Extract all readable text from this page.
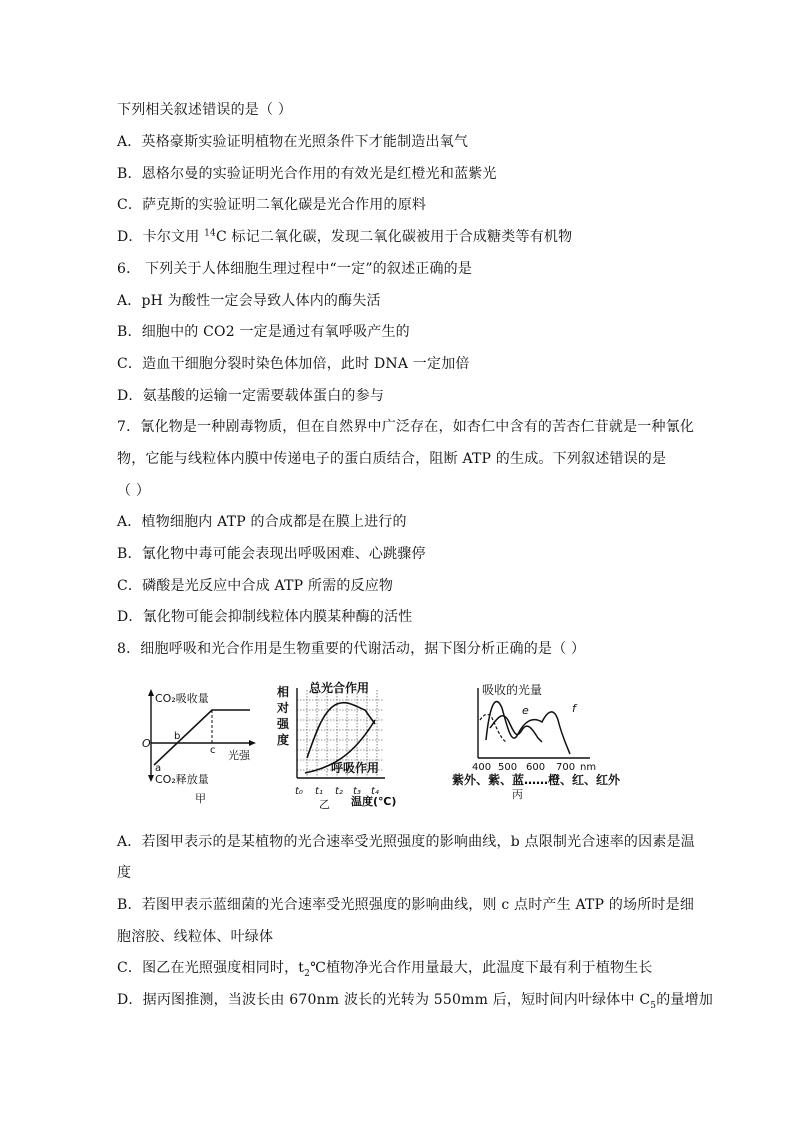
下列相关叙述错误的是（ ）
A．英格豪斯实验证明植物在光照条件下才能制造出氧气
B．恩格尔曼的实验证明光合作用的有效光是红橙光和蓝紫光
C．萨克斯的实验证明二氧化碳是光合作用的原料
D．卡尔文用 $^{14}$C 标记二氧化碳，发现二氧化碳被用于合成糖类等有机物
6． 下列关于人体细胞生理过程中“一定”的叙述正确的是
A．pH 为酸性一定会导致人体内的酶失活
B．细胞中的 CO2 一定是通过有氧呼吸产生的
C．造血干细胞分裂时染色体加倍，此时 DNA 一定加倍
D．氨基酸的运输一定需要载体蛋白的参与
7．氰化物是一种剧毒物质，但在自然界中广泛存在，如杏仁中含有的苦杏仁苷就是一种氰化
物，它能与线粒体内膜中传递电子的蛋白质结合，阻断 ATP 的生成。下列叙述错误的是
（ ）
A．植物细胞内 ATP 的合成都是在膜上进行的
B．氰化物中毒可能会表现出呼吸困难、心跳骤停
C．磷酸是光反应中合成 ATP 所需的反应物
D．氰化物可能会抑制线粒体内膜某种酶的活性
8．细胞呼吸和光合作用是生物重要的代谢活动，据下图分析正确的是（ ）
A．若图甲表示的是某植物的光合速率受光照强度的影响曲线，b 点限制光合速率的因素是温
度
B．若图甲表示蓝细菌的光合速率受光照强度的影响曲线，则 c 点时产生 ATP 的场所时是细
胞溶胶、线粒体、叶绿体
C．图乙在光照强度相同时，$t_2℃$植物净光合作用量最大，此温度下最有利于植物生长
D．据丙图推测，当波长由 670nm 波长的光转为 550mm 后，短时间内叶绿体中 $C_5$的量增加
CO₂吸收量
CO₂释放量
O
光强
a
b
c
甲
相
对
强
度
总光合作用
呼吸作用
t₀ t₁ t₂ t₃ t₄
温度(℃)
乙
吸收的光量
e	f
400 500 600 700 nm
紫外、紫、蓝……橙、红、红外
丙
